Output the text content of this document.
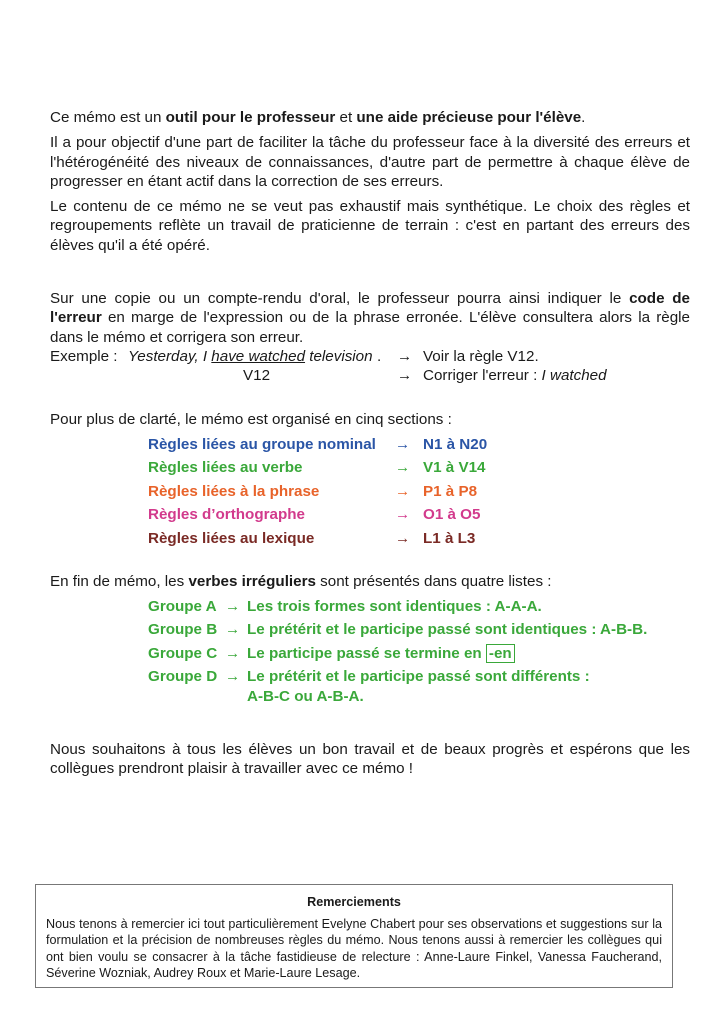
Ce mémo est un outil pour le professeur et une aide précieuse pour l'élève.

Il a pour objectif d'une part de faciliter la tâche du professeur face à la diversité des erreurs et l'hétérogénéité des niveaux de connaissances, d'autre part de permettre à chaque élève de progresser en étant actif dans la correction de ses erreurs.

Le contenu de ce mémo ne se veut pas exhaustif mais synthétique. Le choix des règles et regroupements reflète un travail de praticienne de terrain : c'est en partant des erreurs des élèves qu'il a été opéré.

Sur une copie ou un compte-rendu d'oral, le professeur pourra ainsi indiquer le code de l'erreur en marge de l'expression ou de la phrase erronée. L'élève consultera alors la règle dans le mémo et corrigera son erreur.

Exemple : Yesterday, I have watched television . → Voir la règle V12.
V12	→ Corriger l'erreur : I watched

Pour plus de clarté, le mémo est organisé en cinq sections :

Règles liées au groupe nominal → N1 à N20
Règles liées au verbe	→ V1 à V14
Règles liées à la phrase	→ P1 à P8
Règles d’orthographe	→ O1 à O5
Règles liées au lexique	→ L1 à L3

En fin de mémo, les verbes irréguliers sont présentés dans quatre listes :

Groupe A → Les trois formes sont identiques : A-A-A.
Groupe B → Le prétérit et le participe passé sont identiques : A-B-B.
Groupe C → Le participe passé se termine en -en
Groupe D → Le prétérit et le participe passé sont différents :
A-B-C ou A-B-A.

Nous souhaitons à tous les élèves un bon travail et de beaux progrès et espérons que les collègues prendront plaisir à travailler avec ce mémo !

Remerciements
Nous tenons à remercier ici tout particulièrement Evelyne Chabert pour ses observations et suggestions sur la formulation et la précision de nombreuses règles du mémo. Nous tenons aussi à remercier les collègues qui ont bien voulu se consacrer à la tâche fastidieuse de relecture : Anne-Laure Finkel, Vanessa Faucherand, Séverine Wozniak, Audrey Roux et Marie-Laure Lesage.
